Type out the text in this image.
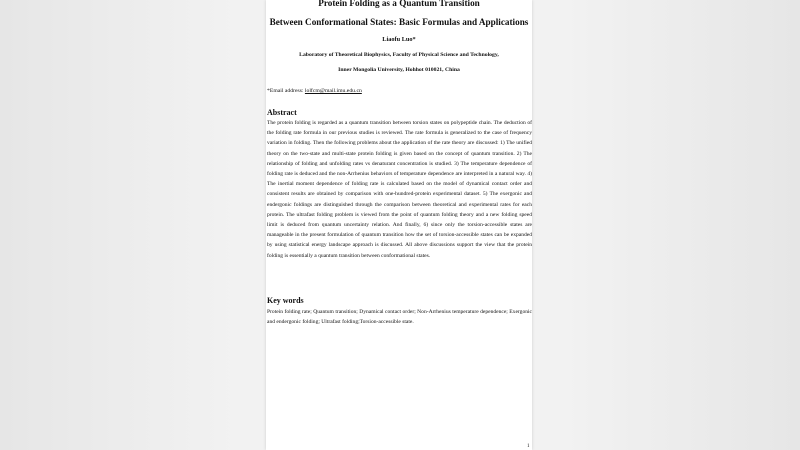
Protein Folding as a Quantum Transition
Between Conformational States: Basic Formulas and Applications
Liaofu Luo*
Laboratory of Theoretical Biophysics, Faculty of Physical Science and Technology,
Inner Mongolia University, Hohhot 010021, China
*Email address: lolfcm@mail.imu.edu.cn
Abstract
The protein folding is regarded as a quantum transition between torsion states on polypeptide chain. The deduction of the folding rate formula in our previous studies is reviewed. The rate formula is generalized to the case of frequency variation in folding. Then the following problems about the application of the rate theory are discussed: 1) The unified theory on the two-state and multi-state protein folding is given based on the concept of quantum transition. 2) The relationship of folding and unfolding rates vs denaturant concentration is studied. 3) The temperature dependence of folding rate is deduced and the non-Arrhenius behaviors of temperature dependence are interpreted in a natural way. 4) The inertial moment dependence of folding rate is calculated based on the model of dynamical contact order and consistent results are obtained by comparison with one-hundred-protein experimental dataset. 5) The exergonic and endergonic foldings are distinguished through the comparison between theoretical and experimental rates for each protein. The ultrafast folding problem is viewed from the point of quantum folding theory and a new folding speed limit is deduced from quantum uncertainty relation. And finally, 6) since only the torsion-accessible states are manageable in the present formulation of quantum transition how the set of torsion-accessible states can be expanded by using statistical energy landscape approach is discussed. All above discussions support the view that the protein folding is essentially a quantum transition between conformational states.
Key words
Protein folding rate; Quantum transition; Dynamical contact order; Non-Arrhenius temperature dependence; Exergonic and endergonic folding; Ultrafast folding;Torsion-accessible state.
1
